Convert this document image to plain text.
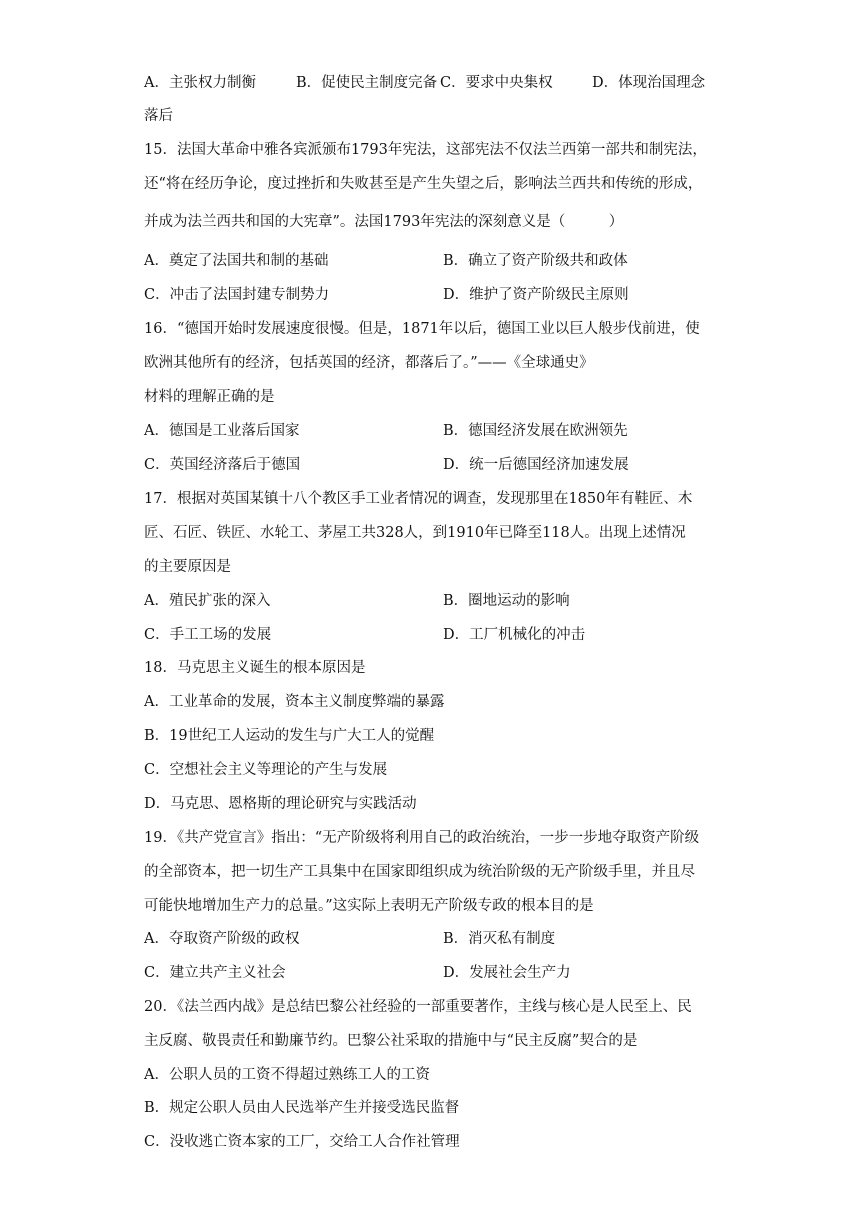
A．主张权力制衡	B．促使民主制度完备 C．要求中央集权	D．体现治国理念
落后
15．法国大革命中雅各宾派颁布1793年宪法，这部宪法不仅法兰西第一部共和制宪法，
还“将在经历争论，度过挫折和失败甚至是产生失望之后，影响法兰西共和传统的形成，
并成为法兰西共和国的大宪章”。法国1793年宪法的深刻意义是（　　　）
A．奠定了法国共和制的基础	B．确立了资产阶级共和政体
C．冲击了法国封建专制势力	D．维护了资产阶级民主原则
16．“德国开始时发展速度很慢。但是，1871年以后，德国工业以巨人般步伐前进，使
欧洲其他所有的经济，包括英国的经济，都落后了。”——《全球通史》
材料的理解正确的是
A．德国是工业落后国家	B．德国经济发展在欧洲领先
C．英国经济落后于德国	D．统一后德国经济加速发展
17．根据对英国某镇十八个教区手工业者情况的调查，发现那里在1850年有鞋匠、木
匠、石匠、铁匠、水轮工、茅屋工共328人，到1910年已降至118人。出现上述情况
的主要原因是
A．殖民扩张的深入	B．圈地运动的影响
C．手工工场的发展	D．工厂机械化的冲击
18．马克思主义诞生的根本原因是
A．工业革命的发展，资本主义制度弊端的暴露
B．19世纪工人运动的发生与广大工人的觉醒
C．空想社会主义等理论的产生与发展
D．马克思、恩格斯的理论研究与实践活动
19．《共产党宣言》指出：“无产阶级将利用自己的政治统治，一步一步地夺取资产阶级
的全部资本，把一切生产工具集中在国家即组织成为统治阶级的无产阶级手里，并且尽
可能快地增加生产力的总量。”这实际上表明无产阶级专政的根本目的是
A．夺取资产阶级的政权	B．消灭私有制度
C．建立共产主义社会	D．发展社会生产力
20．《法兰西内战》是总结巴黎公社经验的一部重要著作，主线与核心是人民至上、民
主反腐、敬畏责任和勤廉节约。巴黎公社采取的措施中与“民主反腐”契合的是
A．公职人员的工资不得超过熟练工人的工资
B．规定公职人员由人民选举产生并接受选民监督
C．没收逃亡资本家的工厂，交给工人合作社管理
